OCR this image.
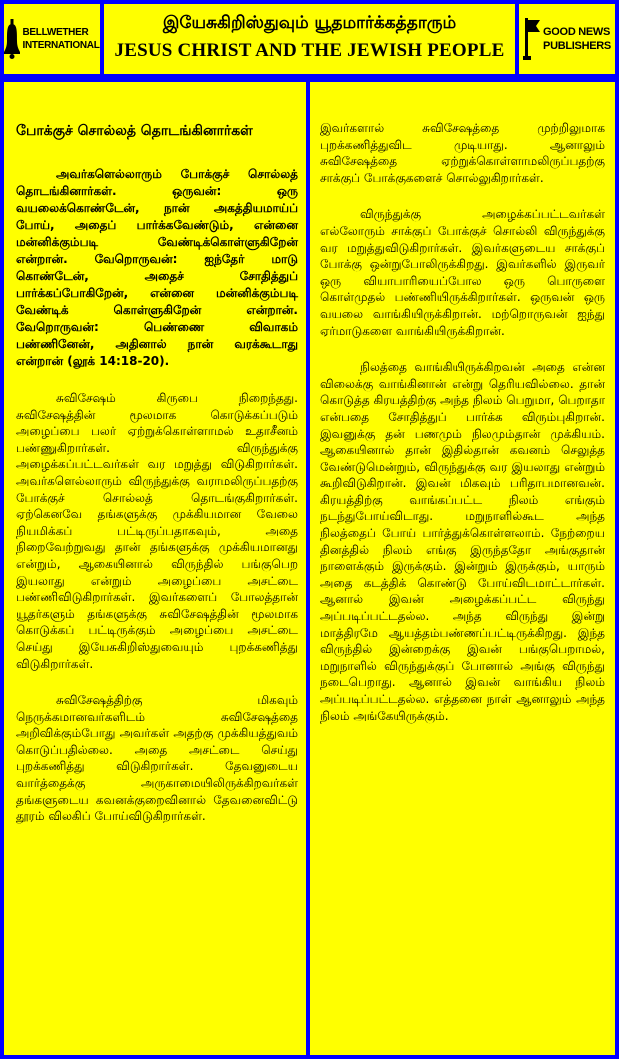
BELLWETHER
INTERNATIONAL
இயேசுகிறிஸ்துவும் யூதமார்க்கத்தாரும்
JESUS CHRIST AND THE JEWISH PEOPLE
GOOD NEWS
PUBLISHERS
போக்குச் சொல்லத் தொடங்கினார்கள்

அவர்களெல்லாரும் போக்குச் சொல்லத் தொடங்கினார்கள். ஒருவன்: ஒரு வயலைக்கொண்டேன், நான் அகத்தியமாய்ப் போய், அதைப் பார்க்கவேண்டும், என்னை மன்னிக்கும்படி வேண்டிக்கொள்ளுகிறேன் என்றான். வேறொருவன்: ஐந்தேர் மாடு கொண்டேன், அதைச் சோதித்துப் பார்க்கப்போகிறேன், என்னை மன்னிக்கும்படி வேண்டிக் கொள்ளுகிறேன் என்றான். வேறொருவன்: பெண்ணை விவாகம் பண்ணினேன், அதினால் நான் வரக்கூடாது என்றான் (லூக் 14:18-20).

சுவிசேஷம் கிருபை நிறைந்தது. சுவிசேஷத்தின் மூலமாக கொடுக்கப்படும் அழைப்பை பலர் ஏற்றுக்கொள்ளாமல் உதாசீனம் பண்ணுகிறார்கள். விருந்துக்கு அழைக்கப்பட்டவர்கள் வர மறுத்து விடுகிறார்கள். அவர்களெல்லாரும் விருந்துக்கு வராமலிருப்பதற்கு போக்குச் சொல்லத் தொடங்குகிறார்கள். ஏற்கெனவே தங்களுக்கு முக்கியமான வேலை நியமிக்கப் பட்டிருப்பதாகவும், அதை நிறைவேற்றுவது தான் தங்களுக்கு முக்கியமானது என்றும், ஆகையினால் விருந்தில் பங்குபெற இயலாது என்றும் அழைப்பை அசட்டை பண்ணிவிடுகிறார்கள். இவர்களைப் போலத்தான் யூதர்களும் தங்களுக்கு சுவிசேஷத்தின் மூலமாக கொடுக்கப் பட்டிருக்கும் அழைப்பை அசட்டை செய்து இயேசுகிறிஸ்துவையும் புறக்கணித்து விடுகிறார்கள்.

சுவிசேஷத்திற்கு மிகவும் நெருக்கமானவர்களிடம் சுவிசேஷத்தை அறிவிக்கும்போது அவர்கள் அதற்கு முக்கியத்துவம் கொடுப்பதில்லை. அதை அசட்டை செய்து புறக்கணித்து விடுகிறார்கள். தேவனுடைய வார்த்தைக்கு அருகாமையிலிருக்கிறவர்கள் தங்களுடைய கவனக்குறைவினால் தேவனைவிட்டு தூரம் விலகிப் போய்விடுகிறார்கள்.

இவர்களால் சுவிசேஷத்தை முற்றிலுமாக புறக்கணித்துவிட முடியாது. ஆனாலும் சுவிசேஷத்தை ஏற்றுக்கொள்ளாமலிருப்பதற்கு சாக்குப் போக்குகளைச் சொல்லுகிறார்கள்.

விருந்துக்கு அழைக்கப்பட்டவர்கள் எல்லோரும் சாக்குப் போக்குச் சொல்லி விருந்துக்கு வர மறுத்துவிடுகிறார்கள். இவர்களுடைய சாக்குப் போக்கு ஒன்றுபோலிருக்கிறது. இவர்களில் இருவர் ஒரு வியாபாரியைப்போல ஒரு பொருளை கொள்முதல் பண்ணியிருக்கிறார்கள். ஒருவன் ஒரு வயலை வாங்கியிருக்கிறான். மற்றொருவன் ஐந்து ஏர்மாடுகளை வாங்கியிருக்கிறான்.

நிலத்தை வாங்கியிருக்கிறவன் அதை என்ன விலைக்கு வாங்கினான் என்று தெரியவில்லை. தான் கொடுத்த கிரயத்திற்கு அந்த நிலம் பெறுமா, பெறாதா என்பதை சோதித்துப் பார்க்க விரும்புகிறான். இவனுக்கு தன் பணமும் நிலமும்தான் முக்கியம். ஆகையினால் தான் இதில்தான் கவனம் செலுத்த வேண்டுமென்றும், விருந்துக்கு வர இயலாது என்றும் கூறிவிடுகிறான். இவன் மிகவும் பரிதாபமானவன். கிரயத்திற்கு வாங்கப்பட்ட நிலம் எங்கும் நடந்துபோய்விடாது. மறுநாளில்கூட அந்த நிலத்தைப் போய் பார்த்துக்கொள்ளலாம். நேற்றைய தினத்தில் நிலம் எங்கு இருந்ததோ அங்குதான் நாளைக்கும் இருக்கும். இன்றும் இருக்கும், யாரும் அதை கடத்திக் கொண்டு போய்விடமாட்டார்கள். ஆனால் இவன் அழைக்கப்பட்ட விருந்து அப்படிப்பட்டதல்ல. அந்த விருந்து இன்று மாத்திரமே ஆயத்தம்பண்ணப்பட்டிருக்கிறது. இந்த விருந்தில் இன்றைக்கு இவன் பங்குபெறாமல், மறுநாளில் விருந்துக்குப் போனால் அங்கு விருந்து நடைபெறாது. ஆனால் இவன் வாங்கிய நிலம் அப்படிப்பட்டதல்ல. எத்தனை நாள் ஆனாலும் அந்த நிலம் அங்கேயிருக்கும்.
